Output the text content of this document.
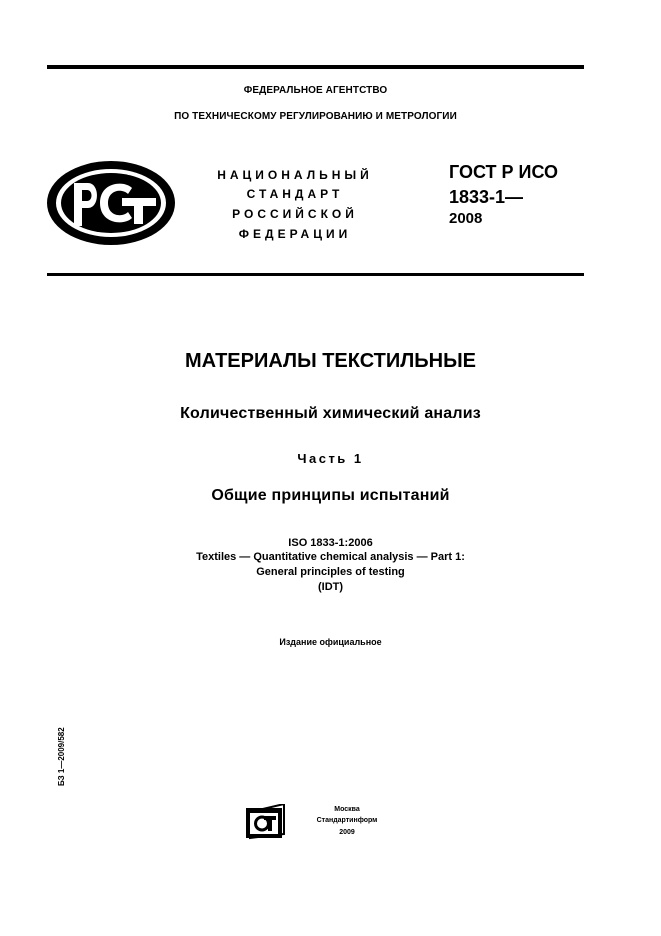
ФЕДЕРАЛЬНОЕ АГЕНТСТВО
ПО ТЕХНИЧЕСКОМУ РЕГУЛИРОВАНИЮ И МЕТРОЛОГИИ
НАЦИОНАЛЬНЫЙ
СТАНДАРТ
РОССИЙСКОЙ
ФЕДЕРАЦИИ
ГОСТ Р ИСО
1833-1—
2008
МАТЕРИАЛЫ ТЕКСТИЛЬНЫЕ
Количественный химический анализ
Часть 1
Общие принципы испытаний
ISO 1833-1:2006
Textiles — Quantitative chemical analysis — Part 1:
General principles of testing
(IDT)
Издание официальное
БЗ 1—2009/582
Москва
Стандартинформ
2009
